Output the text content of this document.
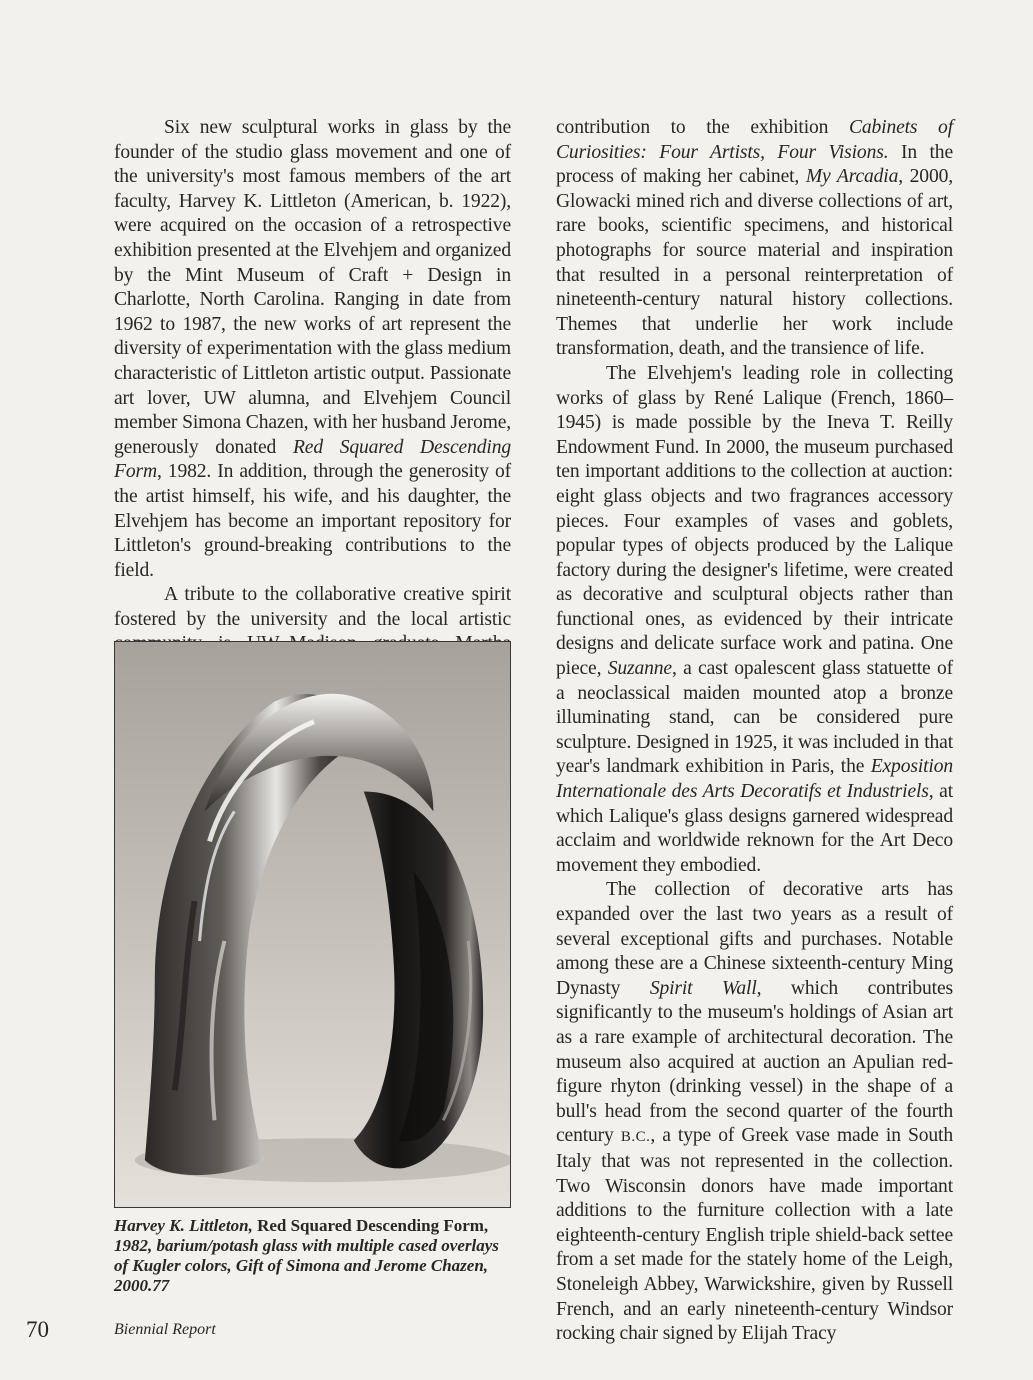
Six new sculptural works in glass by the founder of the studio glass movement and one of the university's most famous members of the art faculty, Harvey K. Littleton (American, b. 1922), were acquired on the occasion of a retrospective exhibition presented at the Elvehjem and organized by the Mint Museum of Craft + Design in Charlotte, North Carolina. Ranging in date from 1962 to 1987, the new works of art represent the diversity of experimentation with the glass medium characteristic of Littleton artistic output. Passionate art lover, UW alumna, and Elvehjem Council member Simona Chazen, with her husband Jerome, generously donated Red Squared Descending Form, 1982. In addition, through the generosity of the artist himself, his wife, and his daughter, the Elvehjem has become an important repository for Littleton's ground-breaking contributions to the field.

A tribute to the collaborative creative spirit fostered by the university and the local artistic

Harvey K. Littleton, Red Squared Descending Form, 1982, barium/potash glass with multiple cased overlays of Kugler colors, Gift of Simona and Jerome Chazen, 2000.77

contribution to the exhibition Cabinets of Curiosities: Four Artists, Four Visions. In the process of making her cabinet, My Arcadia, 2000, Glowacki mined rich and diverse collections of art, rare books, scientific specimens, and historical photographs for source material and inspiration that resulted in a personal reinterpretation of nineteenth-century natural history collections. Themes that underlie her work include transformation, death, and the transience of life.

The Elvehjem's leading role in collecting works of glass by René Lalique (French, 1860–1945) is made possible by the Ineva T. Reilly Endowment Fund. In 2000, the museum purchased ten important additions to the collection at auction: eight glass objects and two fragrances accessory pieces. Four examples of vases and goblets, popular types of objects produced by the Lalique factory during the designer's lifetime, were created as decorative and sculptural objects rather than functional ones, as evidenced by their intricate designs and delicate surface work and patina. One piece, Suzanne, a cast opalescent glass statuette of a neoclassical maiden mounted atop a bronze illuminating stand, can be considered pure sculpture. Designed in 1925, it was included in that year's landmark exhibition in Paris, the Exposition Internationale des Arts Decoratifs et Industriels, at which Lalique's glass designs garnered widespread acclaim and worldwide reknown for the Art Deco movement they embodied.

The collection of decorative arts has expanded over the last two years as a result of several exceptional gifts and purchases. Notable among these are a Chinese sixteenth-century Ming Dynasty Spirit Wall, which contributes significantly to the museum's holdings of Asian art as a rare example of architectural decoration. The museum also acquired at auction an Apulian red-figure rhyton (drinking vessel) in the shape of a bull's head from the second quarter of the fourth century B.C., a type of Greek vase made in South Italy that was not represented in the collection. Two Wisconsin donors have made important additions to the furniture collection with a late eighteenth-century English triple shield-back settee from a set made for the stately home of the Leigh, Stoneleigh Abbey, Warwickshire, given by Russell French, and an early nineteenth-century Windsor rocking chair signed by Elijah Tracy

70	Biennial Report
